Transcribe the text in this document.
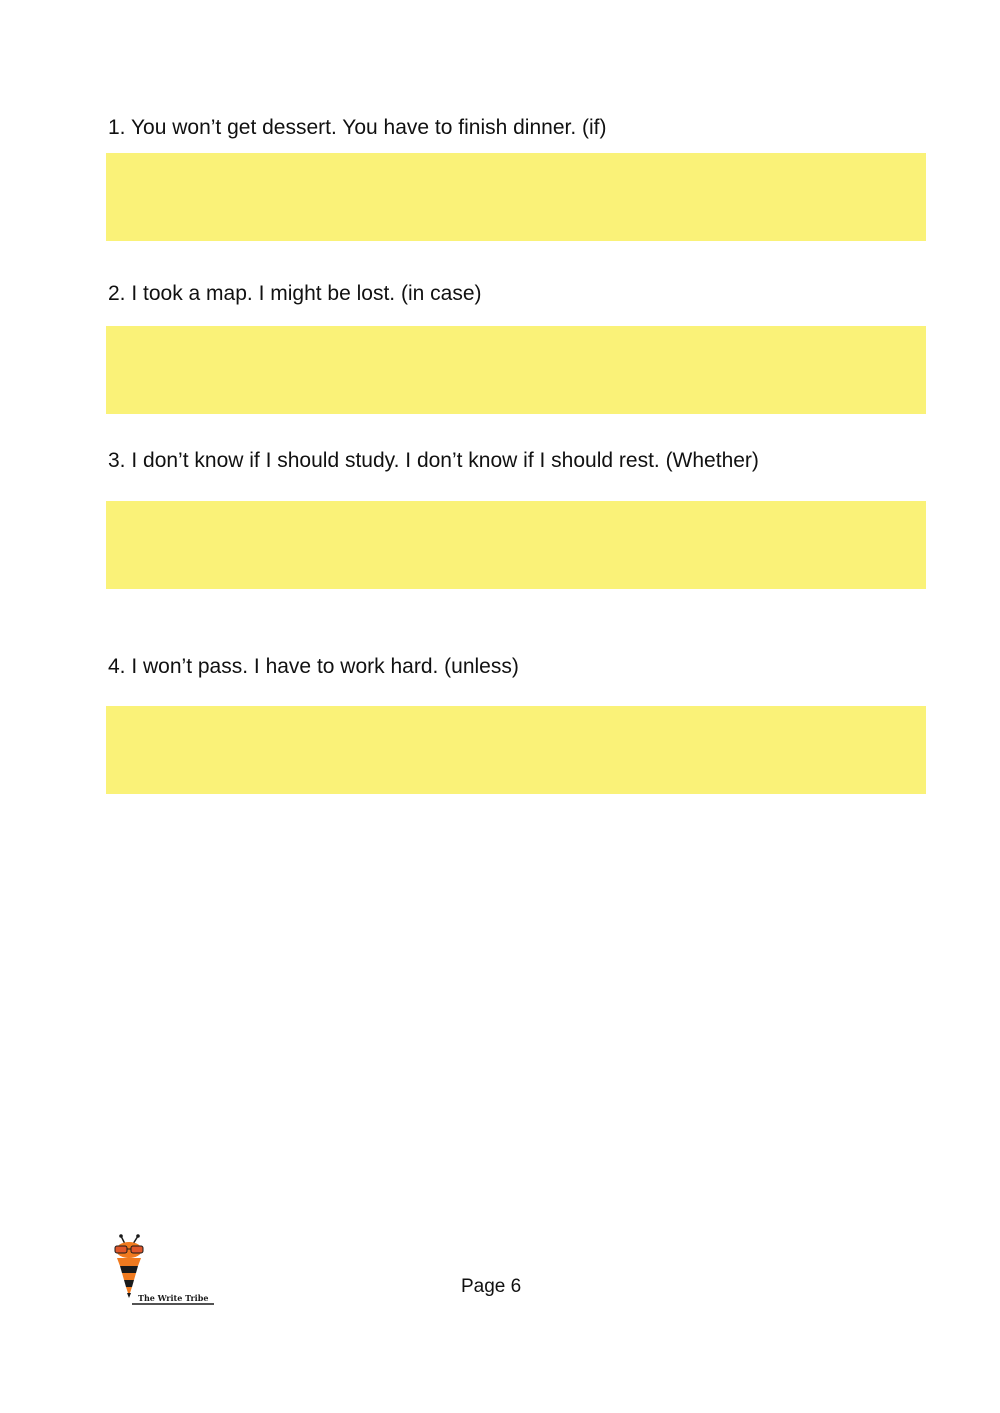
1. You won’t get dessert. You have to finish dinner. (if)
2. I took a map. I might be lost. (in case)
3. I don’t know if I should study. I don’t know if I should rest. (Whether)
4. I won’t pass. I have to work hard. (unless)
The Write Tribe
Page 6
